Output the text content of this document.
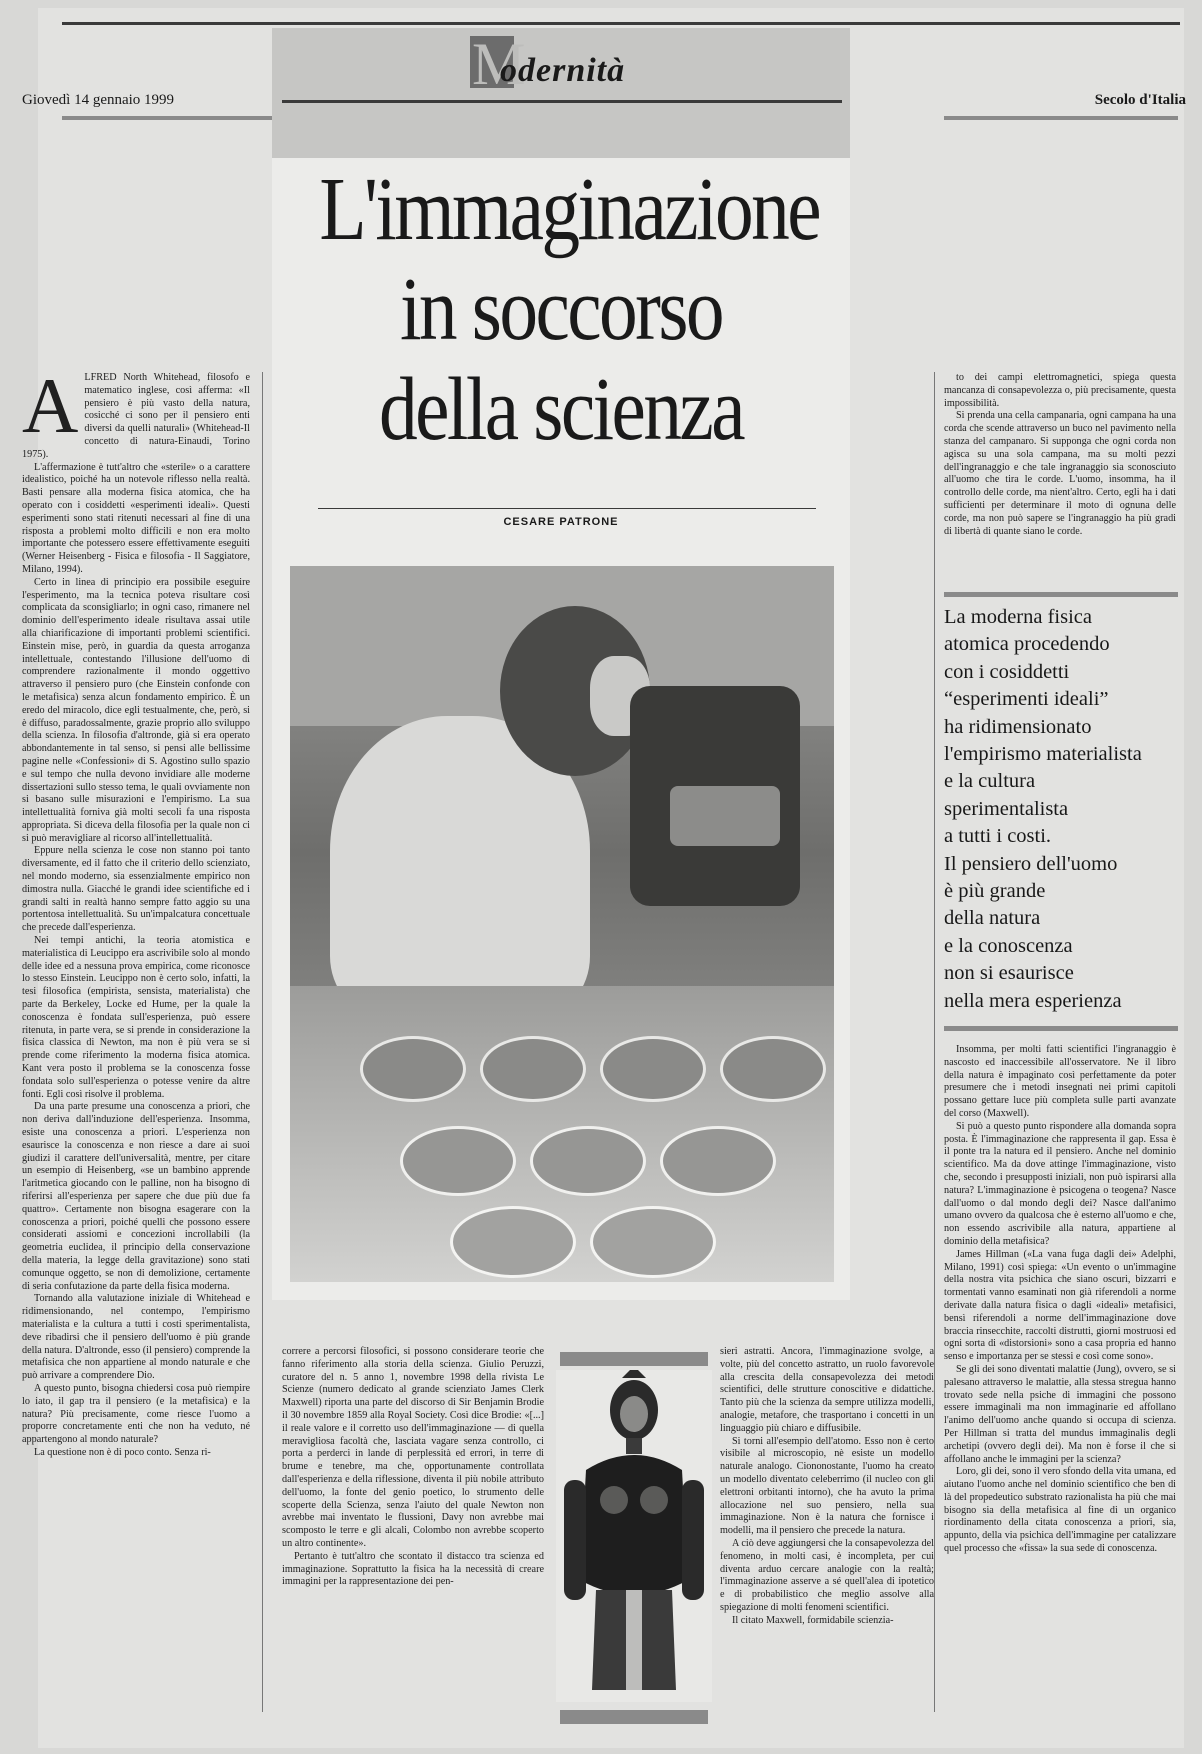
Giovedì 14 gennaio 1999	Secolo d'Italia
M
odernità
L'immaginazione
in soccorso
della scienza
CESARE PATRONE
A LFRED North Whitehead, filosofo e matematico inglese, così afferma: «Il pensiero è più vasto della natura, cosicché ci sono per il pensiero enti diversi da quelli naturali» (Whitehead-Il concetto di natura-Einaudi, Torino 1975).

L'affermazione è tutt'altro che «sterile» o a carattere idealistico, poiché ha un notevole riflesso nella realtà. Basti pensare alla moderna fisica atomica, che ha operato con i cosiddetti «esperimenti ideali». Questi esperimenti sono stati ritenuti necessari al fine di una risposta a problemi molto difficili e non era molto importante che potessero essere effettivamente eseguiti (Werner Heisenberg - Fisica e filosofia - Il Saggiatore, Milano, 1994).

Certo in linea di principio era possibile eseguire l'esperimento, ma la tecnica poteva risultare così complicata da sconsigliarlo; in ogni caso, rimanere nel dominio dell'esperimento ideale risultava assai utile alla chiarificazione di importanti problemi scientifici. Einstein mise, però, in guardia da questa arroganza intellettuale, contestando l'illusione dell'uomo di comprendere razionalmente il mondo oggettivo attraverso il pensiero puro (che Einstein confonde con le metafisica) senza alcun fondamento empirico. È un eredo del miracolo, dice egli testualmente, che, però, si è diffuso, paradossalmente, grazie proprio allo sviluppo della scienza. In filosofia d'altronde, già si era operato abbondantemente in tal senso, si pensi alle bellissime pagine nelle «Confessioni» di S. Agostino sullo spazio e sul tempo che nulla devono invidiare alle moderne dissertazioni sullo stesso tema, le quali ovviamente non si basano sulle misurazioni e l'empirismo. La sua intellettualità forniva già molti secoli fa una risposta appropriata. Si diceva della filosofia per la quale non ci si può meravigliare al ricorso all'intellettualità.

Eppure nella scienza le cose non stanno poi tanto diversamente, ed il fatto che il criterio dello scienziato, nel mondo moderno, sia essenzialmente empirico non dimostra nulla. Giacché le grandi idee scientifiche ed i grandi salti in realtà hanno sempre fatto aggio su una portentosa intellettualità. Su un'impalcatura concettuale che precede dall'esperienza.

Nei tempi antichi, la teoria atomistica e materialistica di Leucippo era ascrivibile solo al mondo delle idee ed a nessuna prova empirica, come riconosce lo stesso Einstein. Leucippo non è certo solo, infatti, la tesi filosofica (empirista, sensista, materialista) che parte da Berkeley, Locke ed Hume, per la quale la conoscenza è fondata sull'esperienza, può essere ritenuta, in parte vera, se si prende in considerazione la fisica classica di Newton, ma non è più vera se si prende come riferimento la moderna fisica atomica. Kant vera posto il problema se la conoscenza fosse fondata solo sull'esperienza o potesse venire da altre fonti. Egli così risolve il problema.

Da una parte presume una conoscenza a priori, che non deriva dall'induzione dell'esperienza. Insomma, esiste una conoscenza a priori. L'esperienza non esaurisce la conoscenza e non riesce a dare ai suoi giudizi il carattere dell'universalità, mentre, per citare un esempio di Heisenberg, «se un bambino apprende l'aritmetica giocando con le palline, non ha bisogno di riferirsi all'esperienza per sapere che due più due fa quattro». Certamente non bisogna esagerare con la conoscenza a priori, poiché quelli che possono essere considerati assiomi e concezioni incrollabili (la geometria euclidea, il principio della conservazione della materia, la legge della gravitazione) sono stati comunque oggetto, se non di demolizione, certamente di seria confutazione da parte della fisica moderna.

Tornando alla valutazione iniziale di Whitehead e ridimensionando, nel contempo, l'empirismo materialista e la cultura a tutti i costi sperimentalista, deve ribadirsi che il pensiero dell'uomo è più grande della natura. D'altronde, esso (il pensiero) comprende la metafisica che non appartiene al mondo naturale e che può arrivare a comprendere Dio.

A questo punto, bisogna chiedersi cosa può riempire lo iato, il gap tra il pensiero (e la metafisica) e la natura? Più precisamente, come riesce l'uomo a proporre concretamente enti che non ha veduto, né appartengono al mondo naturale?

La questione non è di poco conto. Senza ri-

to dei campi elettromagnetici, spiega questa mancanza di consapevolezza o, più precisamente, questa impossibilità.

Si prenda una cella campanaria, ogni campana ha una corda che scende attraverso un buco nel pavimento nella stanza del campanaro. Si supponga che ogni corda non agisca su una sola campana, ma su molti pezzi dell'ingranaggio e che tale ingranaggio sia sconosciuto all'uomo che tira le corde. L'uomo, insomma, ha il controllo delle corde, ma nient'altro. Certo, egli ha i dati sufficienti per determinare il moto di ognuna delle corde, ma non può sapere se l'ingranaggio ha più gradi di libertà di quante siano le corde.

La moderna fisica
atomica procedendo
con i cosiddetti
“esperimenti ideali”
ha ridimensionato
l'empirismo materialista
e la cultura
sperimentalista
a tutti i costi.
Il pensiero dell'uomo
è più grande
della natura
e la conoscenza
non si esaurisce
nella mera esperienza

Insomma, per molti fatti scientifici l'ingranaggio è nascosto ed inaccessibile all'osservatore. Ne il libro della natura è impaginato così perfettamente da poter presumere che i metodi insegnati nei primi capitoli possano gettare luce più completa sulle parti avanzate del corso (Maxwell).

Si può a questo punto rispondere alla domanda sopra posta. È l'immaginazione che rappresenta il gap. Essa è il ponte tra la natura ed il pensiero. Anche nel dominio scientifico. Ma da dove attinge l'immaginazione, visto che, secondo i presupposti iniziali, non può ispirarsi alla natura? L'immaginazione è psicogena o teogena? Nasce dall'uomo o dal mondo degli dei? Nasce dall'animo umano ovvero da qualcosa che è esterno all'uomo e che, non essendo ascrivibile alla natura, appartiene al dominio della metafisica?

James Hillman («La vana fuga dagli dei» Adelphi, Milano, 1991) così spiega: «Un evento o un'immagine della nostra vita psichica che siano oscuri, bizzarri e tormentati vanno esaminati non già riferendoli a norme derivate dalla natura fisica o dagli «ideali» metafisici, bensì riferendoli a norme dell'immaginazione dove braccia rinsecchite, raccolti distrutti, giorni mostruosi ed ogni sorta di «distorsioni» sono a casa propria ed hanno senso e importanza per se stessi e così come sono».

Se gli dei sono diventati malattie (Jung), ovvero, se si palesano attraverso le malattie, alla stessa stregua hanno trovato sede nella psiche di immagini che possono essere immaginali ma non immaginarie ed affollano l'animo dell'uomo anche quando si occupa di scienza. Per Hillman si tratta del mundus immaginalis degli archetipi (ovvero degli dei). Ma non è forse il che si affollano anche le immagini per la scienza?

Loro, gli dei, sono il vero sfondo della vita umana, ed aiutano l'uomo anche nel dominio scientifico che ben di là del propedeutico substrato razionalista ha più che mai bisogno sia della metafisica al fine di un organico riordinamento della citata conoscenza a priori, sia, appunto, della via psichica dell'immagine per catalizzare quel processo che «fissa» la sua sede di conoscenza.

correre a percorsi filosofici, si possono considerare teorie che fanno riferimento alla storia della scienza. Giulio Peruzzi, curatore del n. 5 anno 1, novembre 1998 della rivista Le Scienze (numero dedicato al grande scienziato James Clerk Maxwell) riporta una parte del discorso di Sir Benjamin Brodie il 30 novembre 1859 alla Royal Society. Così dice Brodie: «[...] il reale valore e il corretto uso dell'immaginazione — di quella meravigliosa facoltà che, lasciata vagare senza controllo, ci porta a perderci in lande di perplessità ed errori, in terre di brume e tenebre, ma che, opportunamente controllata dall'esperienza e della riflessione, diventa il più nobile attributo dell'uomo, la fonte del genio poetico, lo strumento delle scoperte della Scienza, senza l'aiuto del quale Newton non avrebbe mai inventato le flussioni, Davy non avrebbe mai scomposto le terre e gli alcali, Colombo non avrebbe scoperto un altro continente».

Pertanto è tutt'altro che scontato il distacco tra scienza ed immaginazione. Soprattutto la fisica ha la necessità di creare immagini per la rappresentazione dei pen-

sieri astratti. Ancora, l'immaginazione svolge, a volte, più del concetto astratto, un ruolo favorevole alla crescita della consapevolezza dei metodi scientifici, delle strutture conoscitive e didattiche. Tanto più che la scienza da sempre utilizza modelli, analogie, metafore, che trasportano i concetti in un linguaggio più chiaro e diffusibile.

Si torni all'esempio dell'atomo. Esso non è certo visibile al microscopio, nè esiste un modello naturale analogo. Ciononostante, l'uomo ha creato un modello diventato celeberrimo (il nucleo con gli elettroni orbitanti intorno), che ha avuto la prima allocazione nel suo pensiero, nella sua immaginazione. Non è la natura che fornisce i modelli, ma il pensiero che precede la natura.

A ciò deve aggiungersi che la consapevolezza del fenomeno, in molti casi, è incompleta, per cui diventa arduo cercare analogie con la realtà; l'immaginazione asserve a sé quell'alea di ipotetico e di probabilistico che meglio assolve alla spiegazione di molti fenomeni scientifici.

Il citato Maxwell, formidabile scienzia-
